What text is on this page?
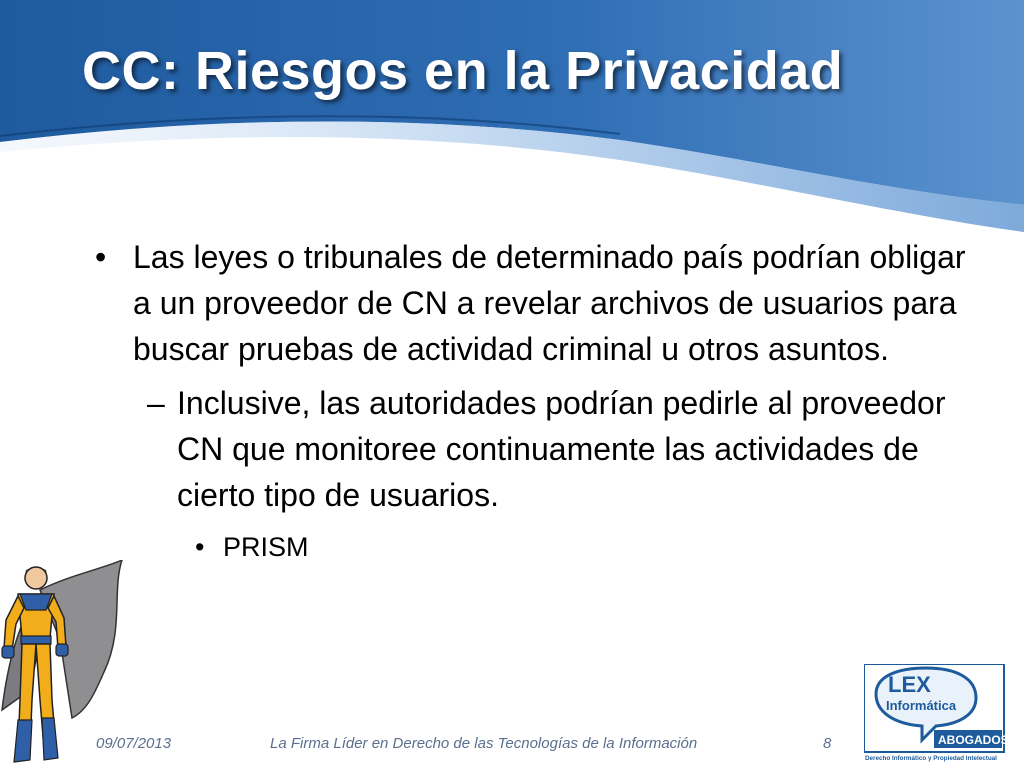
CC: Riesgos en la Privacidad
• Las leyes o tribunales de determinado país podrían obligar a un proveedor de CN a revelar archivos de usuarios para buscar pruebas de actividad criminal u otros asuntos.
– Inclusive, las autoridades podrían pedirle al proveedor CN que monitoree continuamente las actividades de cierto tipo de usuarios.
• PRISM
LEX
Informática
ABOGADOS
Derecho Informático y Propiedad Intelectual
09/07/2013	La Firma Líder en Derecho de las Tecnologías de la Información	8
